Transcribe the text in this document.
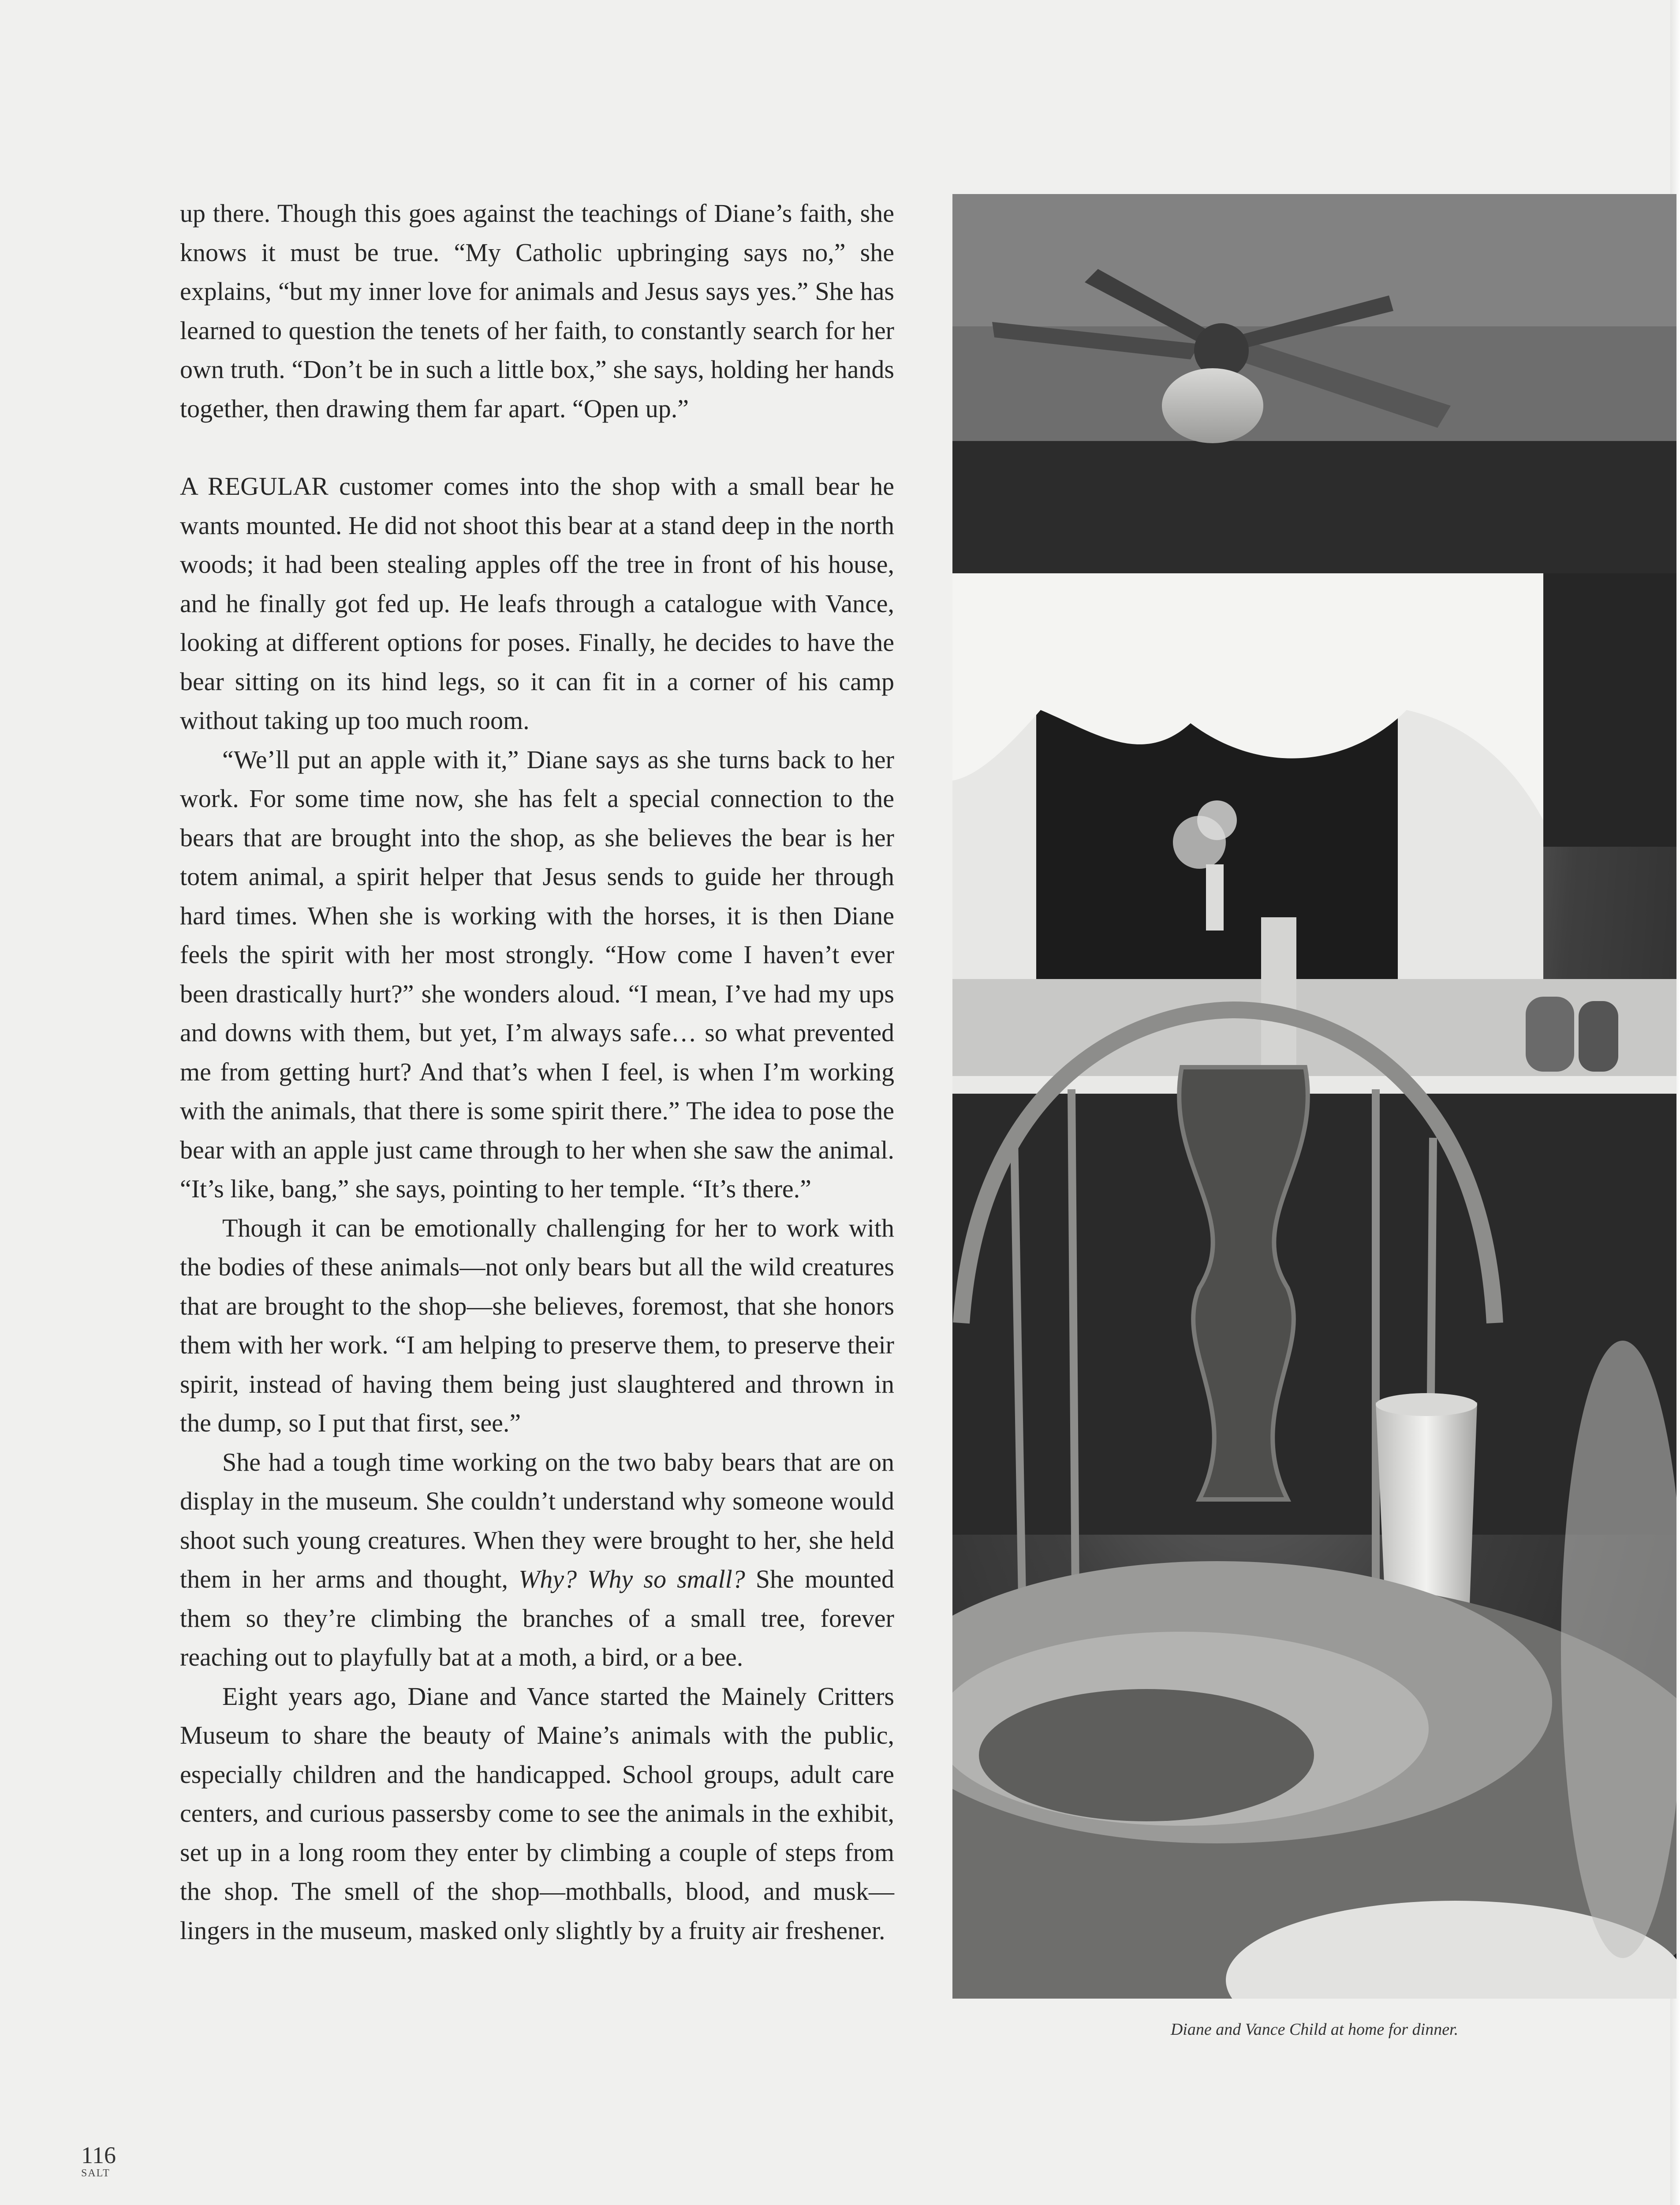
up there. Though this goes against the teachings of Diane’s faith, she knows it must be true. “My Catholic upbringing says no,” she explains, “but my inner love for animals and Jesus says yes.” She has learned to question the tenets of her faith, to constantly search for her own truth. “Don’t be in such a little box,” she says, holding her hands together, then drawing them far apart. “Open up.”

A REGULAR customer comes into the shop with a small bear he wants mounted. He did not shoot this bear at a stand deep in the north woods; it had been stealing apples off the tree in front of his house, and he finally got fed up. He leafs through a catalogue with Vance, looking at different options for poses. Finally, he decides to have the bear sitting on its hind legs, so it can fit in a corner of his camp without taking up too much room.

“We’ll put an apple with it,” Diane says as she turns back to her work. For some time now, she has felt a special connection to the bears that are brought into the shop, as she believes the bear is her totem animal, a spirit helper that Jesus sends to guide her through hard times. When she is working with the horses, it is then Diane feels the spirit with her most strongly. “How come I haven’t ever been drastically hurt?” she wonders aloud. “I mean, I’ve had my ups and downs with them, but yet, I’m always safe… so what prevented me from getting hurt? And that’s when I feel, is when I’m working with the animals, that there is some spirit there.” The idea to pose the bear with an apple just came through to her when she saw the animal. “It’s like, bang,” she says, pointing to her temple. “It’s there.”

Though it can be emotionally challenging for her to work with the bodies of these animals—not only bears but all the wild creatures that are brought to the shop—she believes, foremost, that she honors them with her work. “I am helping to preserve them, to preserve their spirit, instead of having them being just slaughtered and thrown in the dump, so I put that first, see.”

She had a tough time working on the two baby bears that are on display in the museum. She couldn’t understand why someone would shoot such young creatures. When they were brought to her, she held them in her arms and thought, Why? Why so small? She mounted them so they’re climbing the branches of a small tree, forever reaching out to playfully bat at a moth, a bird, or a bee.

Eight years ago, Diane and Vance started the Mainely Critters Museum to share the beauty of Maine’s animals with the public, especially children and the handicapped. School groups, adult care centers, and curious passersby come to see the animals in the exhibit, set up in a long room they enter by climbing a couple of steps from the shop. The smell of the shop—mothballs, blood, and musk—lingers in the museum, masked only slightly by a fruity air freshener.

Diane and Vance Child at home for dinner.
116
SALT
